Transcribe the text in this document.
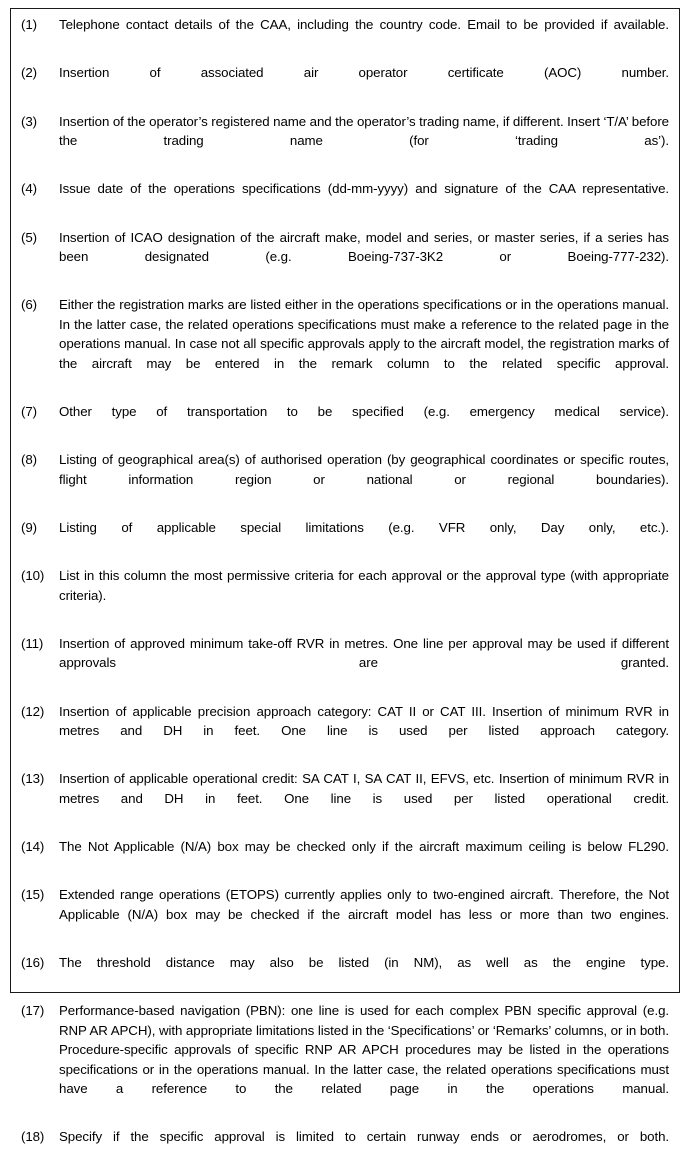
(1)	Telephone contact details of the CAA, including the country code. Email to be provided if available.
(2)	Insertion of associated air operator certificate (AOC) number.
(3)	Insertion of the operator’s registered name and the operator’s trading name, if different. Insert ‘T/A’ before the trading name (for ‘trading as’).
(4)	Issue date of the operations specifications (dd-mm-yyyy) and signature of the CAA representative.
(5)	Insertion of ICAO designation of the aircraft make, model and series, or master series, if a series has been designated (e.g. Boeing-737-3K2 or Boeing-777-232).
(6)	Either the registration marks are listed either in the operations specifications or in the operations manual. In the latter case, the related operations specifications must make a reference to the related page in the operations manual. In case not all specific approvals apply to the aircraft model, the registration marks of the aircraft may be entered in the remark column to the related specific approval.
(7)	Other type of transportation to be specified (e.g. emergency medical service).
(8)	Listing of geographical area(s) of authorised operation (by geographical coordinates or specific routes, flight information region or national or regional boundaries).
(9)	Listing of applicable special limitations (e.g. VFR only, Day only, etc.).
(10)	List in this column the most permissive criteria for each approval or the approval type (with appropriate criteria).
(11)	Insertion of approved minimum take-off RVR in metres. One line per approval may be used if different approvals are granted.
(12)	Insertion of applicable precision approach category: CAT II or CAT III. Insertion of minimum RVR in metres and DH in feet. One line is used per listed approach category.
(13)	Insertion of applicable operational credit: SA CAT I, SA CAT II, EFVS, etc. Insertion of minimum RVR in metres and DH in feet. One line is used per listed operational credit.
(14)	The Not Applicable (N/A) box may be checked only if the aircraft maximum ceiling is below FL290.
(15)	Extended range operations (ETOPS) currently applies only to two-engined aircraft. Therefore, the Not Applicable (N/A) box may be checked if the aircraft model has less or more than two engines.
(16)	The threshold distance may also be listed (in NM), as well as the engine type.
(17)	Performance-based navigation (PBN): one line is used for each complex PBN specific approval (e.g. RNP AR APCH), with appropriate limitations listed in the ‘Specifications’ or ‘Remarks’ columns, or in both. Procedure-specific approvals of specific RNP AR APCH procedures may be listed in the operations specifications or in the operations manual. In the latter case, the related operations specifications must have a reference to the related page in the operations manual.
(18)	Specify if the specific approval is limited to certain runway ends or aerodromes, or both.
